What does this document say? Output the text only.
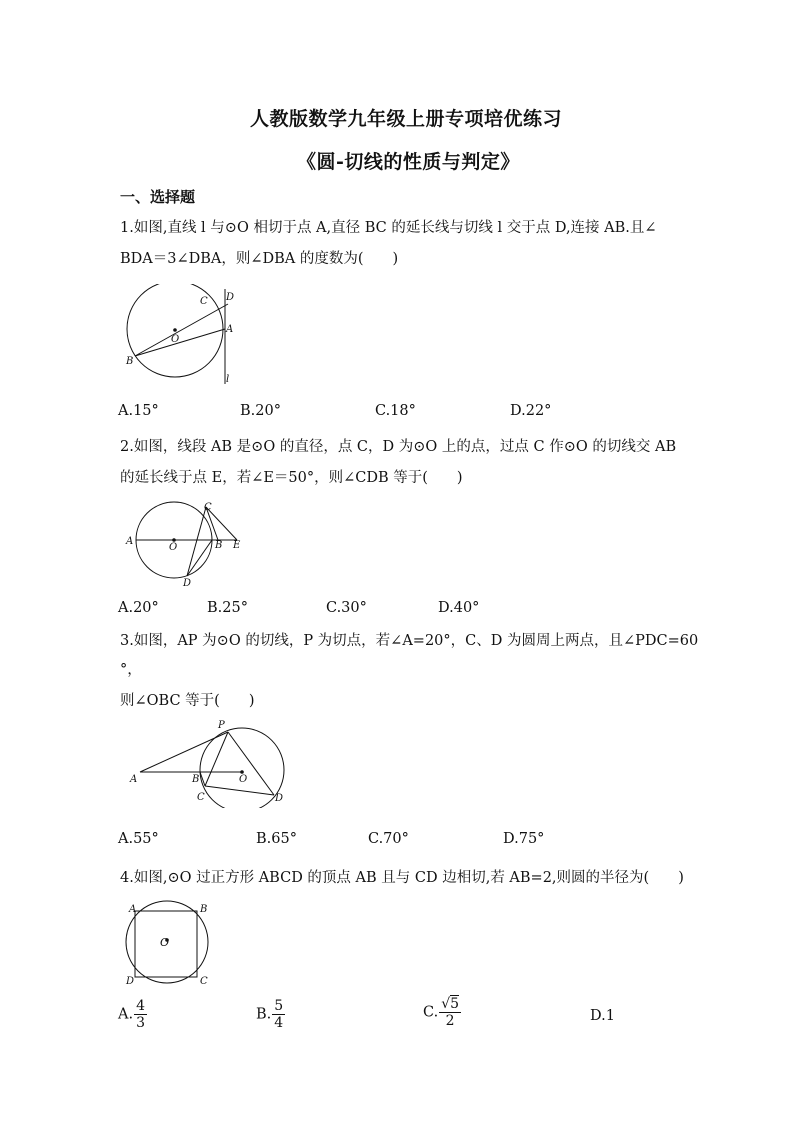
人教版数学九年级上册专项培优练习
《圆-切线的性质与判定》
一、选择题
1.如图,直线 l 与⊙O 相切于点 A,直径 BC 的延长线与切线 l 交于点 D,连接 AB.且∠
BDA＝3∠DBA，则∠DBA 的度数为(　　)
C D
O
A
B
l
A.15°	B.20°	C.18°	D.22°
2.如图，线段 AB 是⊙O 的直径，点 C，D 为⊙O 上的点，过点 C 作⊙O 的切线交 AB
的延长线于点 E，若∠E＝50°，则∠CDB 等于(　　)
C
A
O	B E
D
A.20°	B.25°	C.30°	D.40°
3.如图，AP 为⊙O 的切线，P 为切点，若∠A=20°，C、D 为圆周上两点，且∠PDC=60
°，
则∠OBC 等于(　　)
P
A	B	O
C	D
A.55°	B.65°	C.70°	D.75°
4.如图,⊙O 过正方形 ABCD 的顶点 AB 且与 CD 边相切,若 AB=2,则圆的半径为(　　)
A	B
O
D	C
A. $\frac{4}{3}$	B. $\frac{5}{4}$	C. $\frac{√5}{2}$	D.1
